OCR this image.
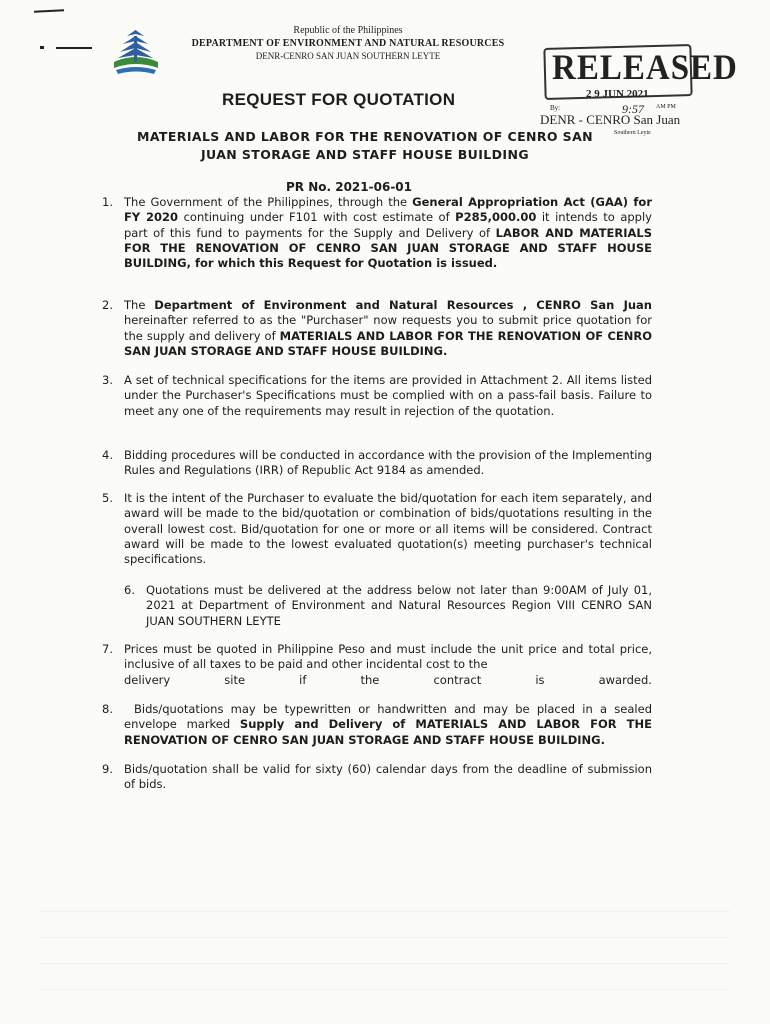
Republic of the Philippines
DEPARTMENT OF ENVIRONMENT AND NATURAL RESOURCES
DENR-CENRO SAN JUAN SOUTHERN LEYTE	RELEASED
2 9 JUN 2021
By:	9:57 AM PM
DENR - CENRO San Juan
Southern Leyte
REQUEST FOR QUOTATION
MATERIALS AND LABOR FOR THE RENOVATION OF CENRO SAN
JUAN STORAGE AND STAFF HOUSE BUILDING
PR No. 2021-06-01
1. The Government of the Philippines, through the General Appropriation Act (GAA) for FY 2020 continuing under F101 with cost estimate of P285,000.00 it intends to apply part of this fund to payments for the Supply and Delivery of LABOR AND MATERIALS FOR THE RENOVATION OF CENRO SAN JUAN STORAGE AND STAFF HOUSE BUILDING, for which this Request for Quotation is issued.
2. The Department of Environment and Natural Resources , CENRO San Juan hereinafter referred to as the "Purchaser" now requests you to submit price quotation for the supply and delivery of MATERIALS AND LABOR FOR THE RENOVATION OF CENRO SAN JUAN STORAGE AND STAFF HOUSE BUILDING.
3. A set of technical specifications for the items are provided in Attachment 2. All items listed under the Purchaser's Specifications must be complied with on a pass-fail basis. Failure to meet any one of the requirements may result in rejection of the quotation.
4. Bidding procedures will be conducted in accordance with the provision of the Implementing Rules and Regulations (IRR) of Republic Act 9184 as amended.
5. It is the intent of the Purchaser to evaluate the bid/quotation for each item separately, and award will be made to the bid/quotation or combination of bids/quotations resulting in the overall lowest cost. Bid/quotation for one or more or all items will be considered. Contract award will be made to the lowest evaluated quotation(s) meeting purchaser's technical specifications.
6. Quotations must be delivered at the address below not later than 9:00AM of July 01, 2021 at Department of Environment and Natural Resources Region VIII CENRO SAN JUAN SOUTHERN LEYTE
7. Prices must be quoted in Philippine Peso and must include the unit price and total price, inclusive of all taxes to be paid and other incidental cost to the
delivery	site	if	the	contract	is	awarded.
8. Bids/quotations may be typewritten or handwritten and may be placed in a sealed envelope marked Supply and Delivery of MATERIALS AND LABOR FOR THE RENOVATION OF CENRO SAN JUAN STORAGE AND STAFF HOUSE BUILDING.
9. Bids/quotation shall be valid for sixty (60) calendar days from the deadline of submission of bids.
